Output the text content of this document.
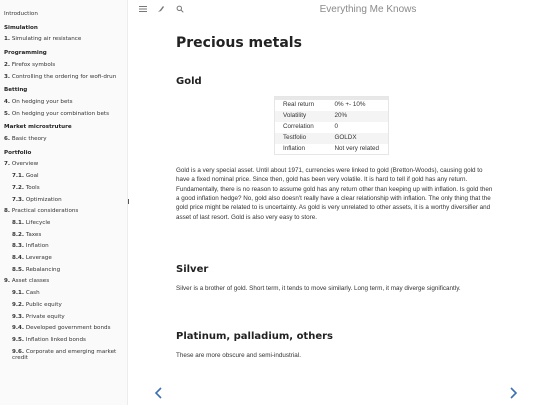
Introduction
Simulation
1. Simulating air resistance
Programming
2. Firefox symbols
3. Controlling the ordering for wofi-drun
Betting
4. On hedging your bets
5. On hedging your combination bets
Market microstruture
6. Basic theory
Portfolio
7. Overview
7.1. Goal
7.2. Tools
7.3. Optimization
8. Practical considerations
8.1. Lifecycle
8.2. Taxes
8.3. Inflation
8.4. Leverage
8.5. Rebalancing
9. Asset classes
9.1. Cash
9.2. Public equity
9.3. Private equity
9.4. Developed government bonds
9.5. Inflation linked bonds
9.6. Corporate and emerging market credit
Everything Me Knows
Precious metals
Gold

Real return	0% +- 10%
Volatility	20%
Correlation	0
Testfolio	GOLDX
Inflation	Not very related

Gold is a very special asset. Until about 1971, currencies were linked to gold (Bretton-Woods), causing gold to have a fixed nominal price. Since then, gold has been very volatile. It is hard to tell if gold has any return. Fundamentally, there is no reason to assume gold has any return other than keeping up with inflation. Is gold then a good inflation hedge? No, gold also doesn't really have a clear relationship with inflation. The only thing that the gold price might be related to is uncertainty. As gold is very unrelated to other assets, it is a worthy diversifier and asset of last resort. Gold is also very easy to store.

Silver

Silver is a brother of gold. Short term, it tends to move similarly. Long term, it may diverge significantly.

Platinum, palladium, others

These are more obscure and semi-industrial.
